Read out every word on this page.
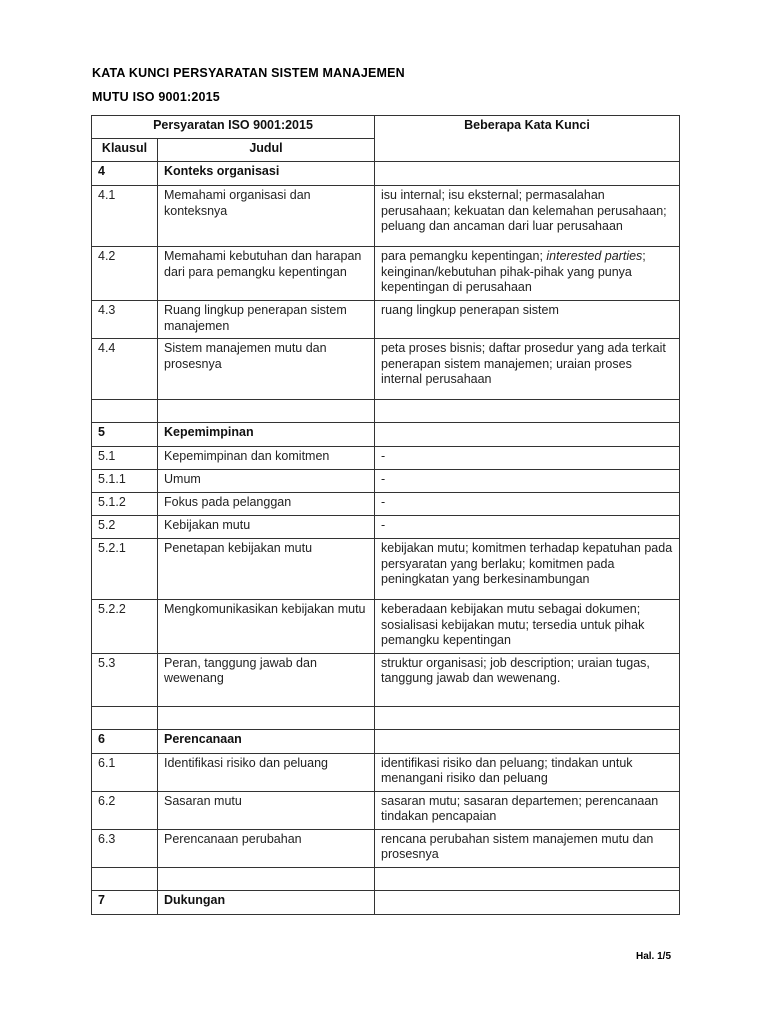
KATA KUNCI PERSYARATAN SISTEM MANAJEMEN
MUTU ISO 9001:2015
Persyaratan ISO 9001:2015		Beberapa Kata Kunci
Klausul	Judul	
4	Konteks organisasi	
4.1	Memahami organisasi dan konteksnya	isu internal; isu eksternal; permasalahan perusahaan; kekuatan dan kelemahan perusahaan; peluang dan ancaman dari luar perusahaan
4.2	Memahami kebutuhan dan harapan dari para pemangku kepentingan	para pemangku kepentingan; interested parties; keinginan/kebutuhan pihak-pihak yang punya kepentingan di perusahaan
4.3	Ruang lingkup penerapan sistem manajemen	ruang lingkup penerapan sistem
4.4	Sistem manajemen mutu dan prosesnya	peta proses bisnis; daftar prosedur yang ada terkait penerapan sistem manajemen; uraian proses internal perusahaan

5	Kepemimpinan	
5.1	Kepemimpinan dan komitmen	-
5.1.1	Umum	-
5.1.2	Fokus pada pelanggan	-
5.2	Kebijakan mutu	-
5.2.1	Penetapan kebijakan mutu	kebijakan mutu; komitmen terhadap kepatuhan pada persyaratan yang berlaku; komitmen pada peningkatan yang berkesinambungan
5.2.2	Mengkomunikasikan kebijakan mutu	keberadaan kebijakan mutu sebagai dokumen; sosialisasi kebijakan mutu; tersedia untuk pihak pemangku kepentingan
5.3	Peran, tanggung jawab dan wewenang	struktur organisasi; job description; uraian tugas, tanggung jawab dan wewenang.

6	Perencanaan	
6.1	Identifikasi risiko dan peluang	identifikasi risiko dan peluang; tindakan untuk menangani risiko dan peluang
6.2	Sasaran mutu	sasaran mutu; sasaran departemen; perencanaan tindakan pencapaian
6.3	Perencanaan perubahan	rencana perubahan sistem manajemen mutu dan prosesnya

7	Dukungan	
Hal. 1/5
